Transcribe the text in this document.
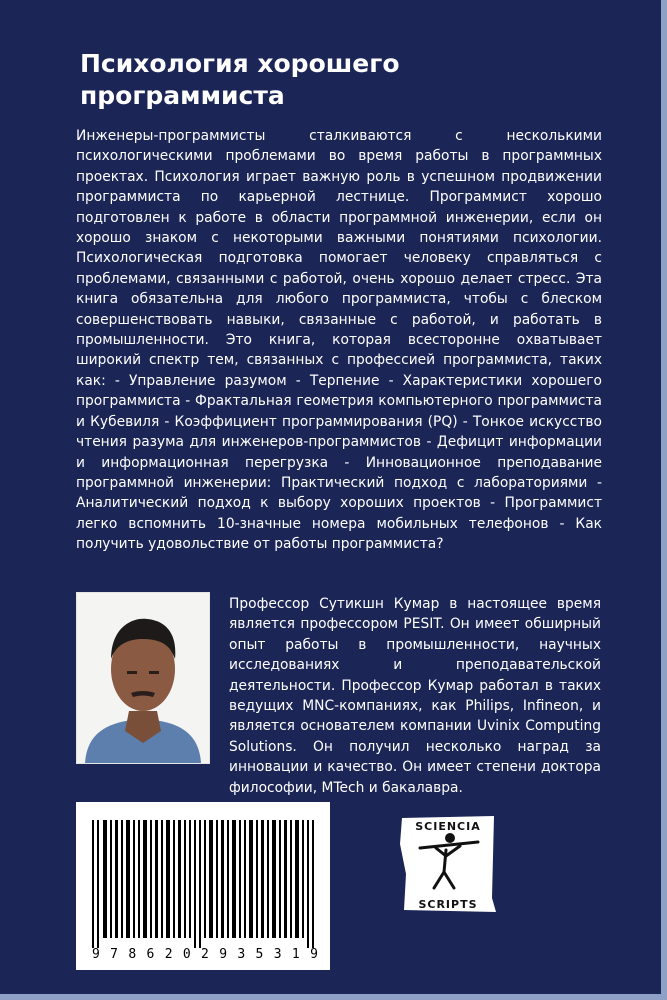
Психология хорошего программиста

Инженеры-программисты сталкиваются с несколькими психологическими проблемами во время работы в программных проектах. Психология играет важную роль в успешном продвижении программиста по карьерной лестнице. Программист хорошо подготовлен к работе в области программной инженерии, если он хорошо знаком с некоторыми важными понятиями психологии. Психологическая подготовка помогает человеку справляться с проблемами, связанными с работой, очень хорошо делает стресс. Эта книга обязательна для любого программиста, чтобы с блеском совершенствовать навыки, связанные с работой, и работать в промышленности. Это книга, которая всесторонне охватывает широкий спектр тем, связанных с профессией программиста, таких как: - Управление разумом - Терпение - Характеристики хорошего программиста - Фрактальная геометрия компьютерного программиста и Кубевиля - Коэффициент программирования (PQ) - Тонкое искусство чтения разума для инженеров-программистов - Дефицит информации и информационная перегрузка - Инновационное преподавание программной инженерии: Практический подход с лабораториями - Аналитический подход к выбору хороших проектов - Программист легко вспомнить 10-значные номера мобильных телефонов - Как получить удовольствие от работы программиста?

Профессор Сутикшн Кумар в настоящее время является профессором PESIT. Он имеет обширный опыт работы в промышленности, научных исследованиях и преподавательской деятельности. Профессор Кумар работал в таких ведущих MNC-компаниях, как Philips, Infineon, и является основателем компании Uvinix Computing Solutions. Он получил несколько наград за инновации и качество. Он имеет степени доктора философии, MTech и бакалавра.

9 7 8 6 2 0 2 9 3 5 3 1 9
SCIENCIA
SCRIPTS
